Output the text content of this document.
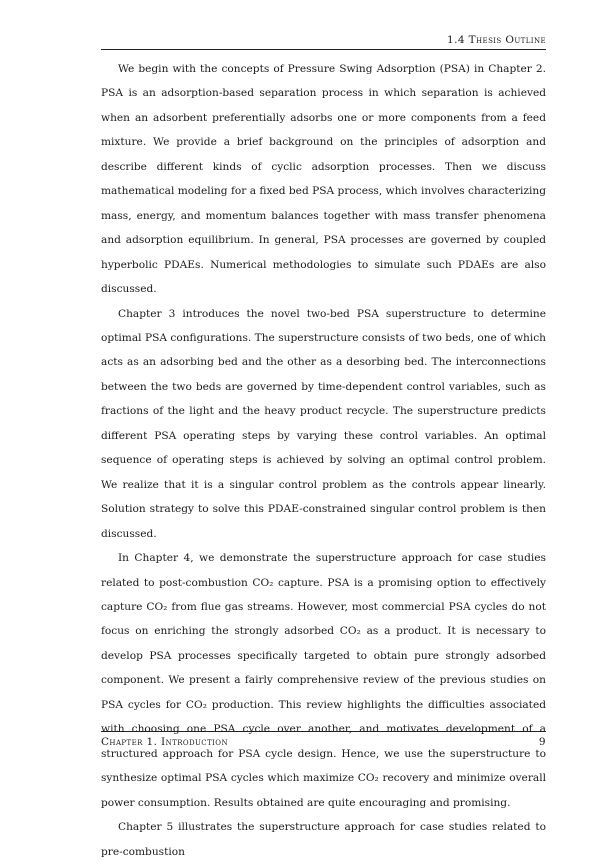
1.4 Thesis Outline

We begin with the concepts of Pressure Swing Adsorption (PSA) in Chapter 2. PSA is an adsorption-based separation process in which separation is achieved when an adsorbent preferentially adsorbs one or more components from a feed mixture. We provide a brief background on the principles of adsorption and describe different kinds of cyclic adsorption processes. Then we discuss mathematical modeling for a fixed bed PSA process, which involves characterizing mass, energy, and momentum balances together with mass transfer phenomena and adsorption equilibrium. In general, PSA processes are governed by coupled hyperbolic PDAEs. Numerical methodologies to simulate such PDAEs are also discussed.

Chapter 3 introduces the novel two-bed PSA superstructure to determine optimal PSA configurations. The superstructure consists of two beds, one of which acts as an adsorbing bed and the other as a desorbing bed. The interconnections between the two beds are governed by time-dependent control variables, such as fractions of the light and the heavy product recycle. The superstructure predicts different PSA operating steps by varying these control variables. An optimal sequence of operating steps is achieved by solving an optimal control problem. We realize that it is a singular control problem as the controls appear linearly. Solution strategy to solve this PDAE-constrained singular control problem is then discussed.

In Chapter 4, we demonstrate the superstructure approach for case studies related to post-combustion CO₂ capture. PSA is a promising option to effectively capture CO₂ from flue gas streams. However, most commercial PSA cycles do not focus on enriching the strongly adsorbed CO₂ as a product. It is necessary to develop PSA processes specifically targeted to obtain pure strongly adsorbed component. We present a fairly comprehensive review of the previous studies on PSA cycles for CO₂ production. This review highlights the difficulties associated with choosing one PSA cycle over another, and motivates development of a structured approach for PSA cycle design. Hence, we use the superstructure to synthesize optimal PSA cycles which maximize CO₂ recovery and minimize overall power consumption. Results obtained are quite encouraging and promising.

Chapter 5 illustrates the superstructure approach for case studies related to pre-combustion

Chapter 1. Introduction	9
